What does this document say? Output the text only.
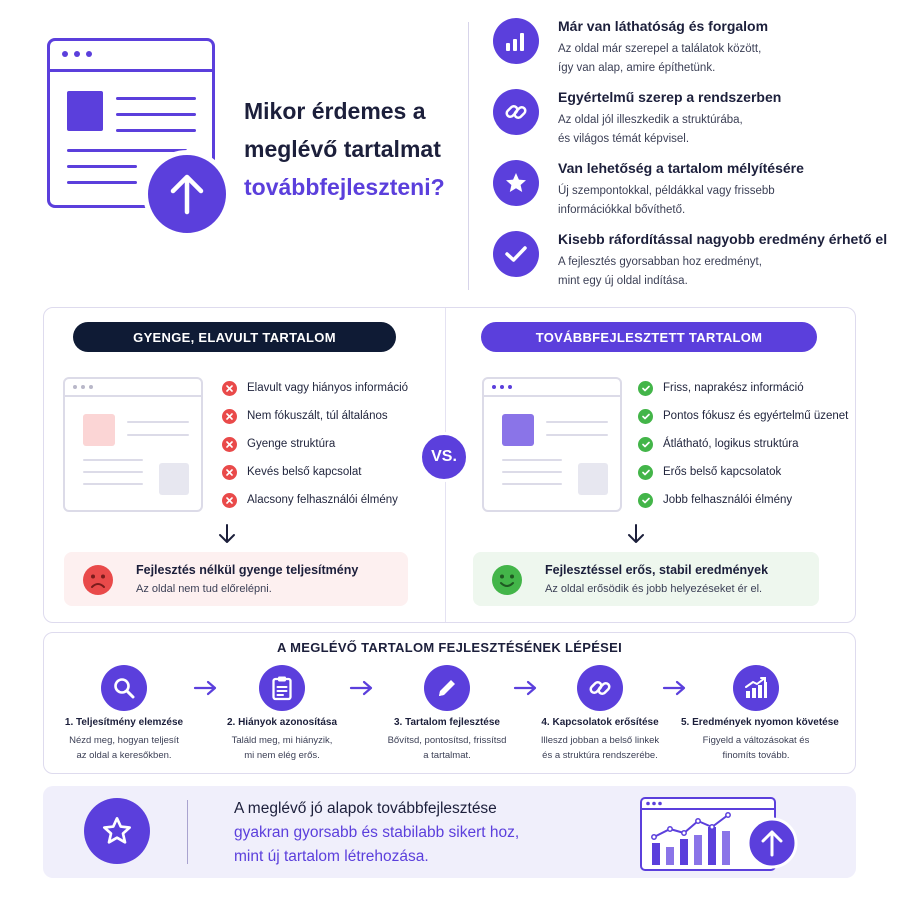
Mikor érdemes a
meglévő tartalmat
továbbfejleszteni?
Már van láthatóság és forgalom
Az oldal már szerepel a találatok között,
így van alap, amire építhetünk.
Egyértelmű szerep a rendszerben
Az oldal jól illeszkedik a struktúrába,
és világos témát képvisel.
Van lehetőség a tartalom mélyítésére
Új szempontokkal, példákkal vagy frissebb
információkkal bővíthető.
Kisebb ráfordítással nagyobb eredmény érhető el
A fejlesztés gyorsabban hoz eredményt,
mint egy új oldal indítása.
GYENGE, ELAVULT TARTALOM	TOVÁBBFEJLESZTETT TARTALOM
Elavult vagy hiányos információ
Nem fókuszált, túl általános
Gyenge struktúra
Kevés belső kapcsolat
Alacsony felhasználói élmény
VS.
Friss, naprakész információ
Pontos fókusz és egyértelmű üzenet
Átlátható, logikus struktúra
Erős belső kapcsolatok
Jobb felhasználói élmény
Fejlesztés nélkül gyenge teljesítmény
Az oldal nem tud előrelépni.
Fejlesztéssel erős, stabil eredmények
Az oldal erősödik és jobb helyezéseket ér el.
A MEGLÉVŐ TARTALOM FEJLESZTÉSÉNEK LÉPÉSEI
1. Teljesítmény elemzése
Nézd meg, hogyan teljesít
az oldal a keresőkben.
2. Hiányok azonosítása
Találd meg, mi hiányzik,
mi nem elég erős.
3. Tartalom fejlesztése
Bővítsd, pontosítsd, frissítsd
a tartalmat.
4. Kapcsolatok erősítése
Illeszd jobban a belső linkek
és a struktúra rendszerébe.
5. Eredmények nyomon követése
Figyeld a változásokat és
finomíts tovább.
A meglévő jó alapok továbbfejlesztése
gyakran gyorsabb és stabilabb sikert hoz,
mint új tartalom létrehozása.
